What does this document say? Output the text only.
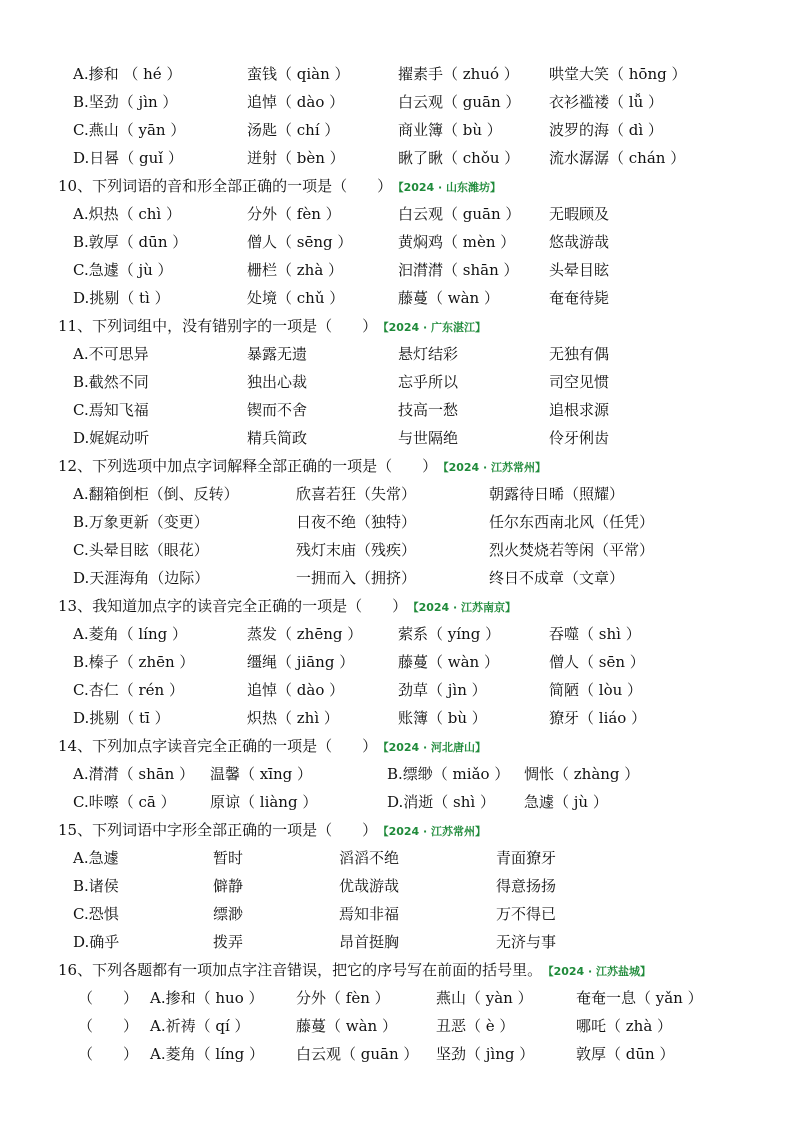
A.掺和 （ hé ）	蛮钱（ qiàn ）	擢素手（ zhuó ） 哄堂大笑（ hōng ）
B.坚劲（ jìn ）	追悼（ dào ）	白云观（ guān ） 衣衫褴褛（ lǚ ）
C.燕山（ yān ）	汤匙（ chí ）	商业簿（ bù ）	波罗的海（ dì ）
D.日晷（ guǐ ）	迸射（ bèn ）	瞅了瞅（ chǒu ） 流水潺潺（ chán ）
10、下列词语的音和形全部正确的一项是（　　） 【2024 · 山东潍坊】
A.炽热（ chì ）	分外（ fèn ）	白云观（ guān ） 无暇顾及
B.敦厚（ dūn ）	僧人（ sēng ）	黄焖鸡（ mèn ） 悠哉游哉
C.急遽（ jù ）	栅栏（ zhà ）	汩潸潸（ shān ） 头晕目眩
D.挑剔（ tì ）	处境（ chǔ ）	藤蔓（ wàn ）	奄奄待毙
11、下列词组中，没有错别字的一项是（　　） 【2024 · 广东湛江】
A.不可思异	暴露无遗	悬灯结彩	无独有偶
B.截然不同	独出心裁	忘乎所以	司空见惯
C.焉知飞福	锲而不舍	技高一愁	追根求源
D.娓娓动听	精兵简政	与世隔绝	伶牙俐齿
12、下列选项中加点字词解释全部正确的一项是（　　） 【2024 · 江苏常州】
A.翻箱倒柜（倒、反转）	欣喜若狂（失常）	朝露待日晞（照耀）
B.万象更新（变更）	日夜不绝（独特）	任尔东西南北风（任凭）
C.头晕目眩（眼花）	残灯末庙（残疾）	烈火焚烧若等闲（平常）
D.天涯海角（边际）	一拥而入（拥挤）	终日不成章（文章）
13、我知道加点字的读音完全正确的一项是（　　） 【2024 · 江苏南京】
A.菱角（ líng ）	蒸发（ zhēng ） 萦系（ yíng ）	吞噬（ shì ）
B.榛子（ zhēn ）	缰绳（ jiāng ）	藤蔓（ wàn ）	僧人（ sēn ）
C.杏仁（ rén ）	追悼（ dào ）	劲草（ jìn ）	简陋（ lòu ）
D.挑剔（ tī ）	炽热（ zhì ）	账簿（ bù ）	獠牙（ liáo ）
14、下列加点字读音完全正确的一项是（　　） 【2024 · 河北唐山】
A.潸潸（ shān ） 温馨（ xīng ）	B.缥缈（ miǎo ） 惆怅（ zhàng ）
C.咔嚓（ cā ） 原谅（ liàng ）	D.消逝（ shì ） 急遽（ jù ）
15、下列词语中字形全部正确的一项是（　　） 【2024 · 江苏常州】
A.急遽	暂时	滔滔不绝	青面獠牙
B.诸侯	僻静	优哉游哉	得意扬扬
C.恐惧	缥渺	焉知非福	万不得已
D.确乎	拨弄	昂首挺胸	无济与事
16、下列各题都有一项加点字注音错误，把它的序号写在前面的括号里。 【2024 · 江苏盐城】
（　　） A.掺和（ huo ） 分外（ fèn ）	燕山（ yàn ）	奄奄一息（ yǎn ）
（　　） A.祈祷（ qí ）	藤蔓（ wàn ）	丑恶（ è ）	哪吒（ zhà ）
（　　） A.菱角（ líng ） 白云观（ guān ） 坚劲（ jìng ）	敦厚（ dūn ）
